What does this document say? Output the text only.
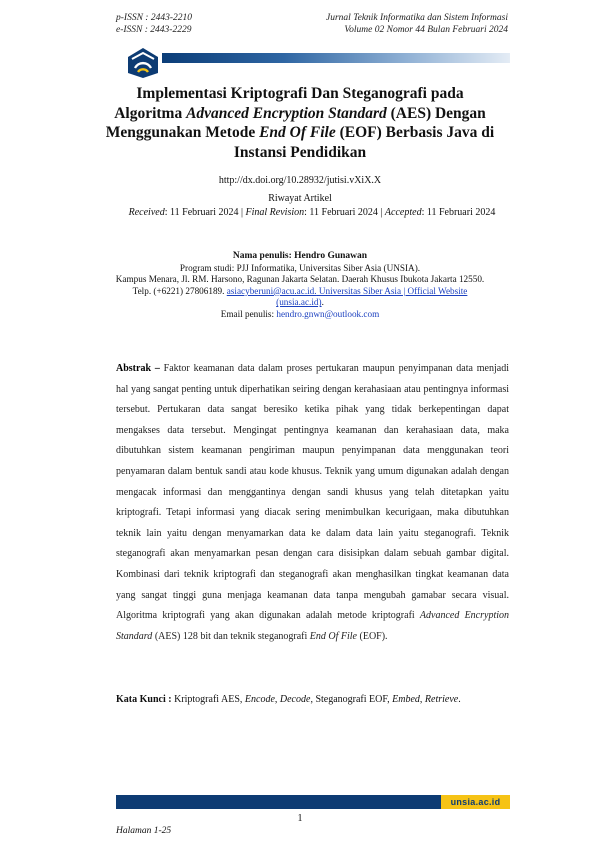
p-ISSN : 2443-2210
e-ISSN : 2443-2229
Jurnal Teknik Informatika dan Sistem Informasi
Volume 02 Nomor 44 Bulan Februari 2024
Implementasi Kriptografi Dan Steganografi pada Algoritma Advanced Encryption Standard (AES) Dengan Menggunakan Metode End Of File (EOF) Berbasis Java di Instansi Pendidikan
http://dx.doi.org/10.28932/jutisi.vXiX.X
Riwayat Artikel
Received: 11 Februari 2024 | Final Revision: 11 Februari 2024 | Accepted: 11 Februari 2024
Nama penulis: Hendro Gunawan
Program studi: PJJ Informatika, Universitas Siber Asia (UNSIA).
Kampus Menara, Jl. RM. Harsono, Ragunan Jakarta Selatan. Daerah Khusus Ibukota Jakarta 12550.
Telp. (+6221) 27806189. asiacyberuni@acu.ac.id. Universitas Siber Asia | Official Website (unsia.ac.id).
Email penulis: hendro.gnwn@outlook.com
Abstrak – Faktor keamanan data dalam proses pertukaran maupun penyimpanan data menjadi hal yang sangat penting untuk diperhatikan seiring dengan kerahasiaan atau pentingnya informasi tersebut. Pertukaran data sangat beresiko ketika pihak yang tidak berkepentingan dapat mengakses data tersebut. Mengingat pentingnya keamanan dan kerahasiaan data, maka dibutuhkan sistem keamanan pengiriman maupun penyimpanan data menggunakan teori penyamaran dalam bentuk sandi atau kode khusus. Teknik yang umum digunakan adalah dengan mengacak informasi dan menggantinya dengan sandi khusus yang telah ditetapkan yaitu kriptografi. Tetapi informasi yang diacak sering menimbulkan kecurigaan, maka dibutuhkan teknik lain yaitu dengan menyamarkan data ke dalam data lain yaitu steganografi. Teknik steganografi akan menyamarkan pesan dengan cara disisipkan dalam sebuah gambar digital. Kombinasi dari teknik kriptografi dan steganografi akan menghasilkan tingkat keamanan data yang sangat tinggi guna menjaga keamanan data tanpa mengubah gamabar secara visual. Algoritma kriptografi yang akan digunakan adalah metode kriptografi Advanced Encryption Standard (AES) 128 bit dan teknik steganografi End Of File (EOF).
Kata Kunci : Kriptografi AES, Encode, Decode, Steganografi EOF, Embed, Retrieve.
unsia.ac.id
1
Halaman 1-25
